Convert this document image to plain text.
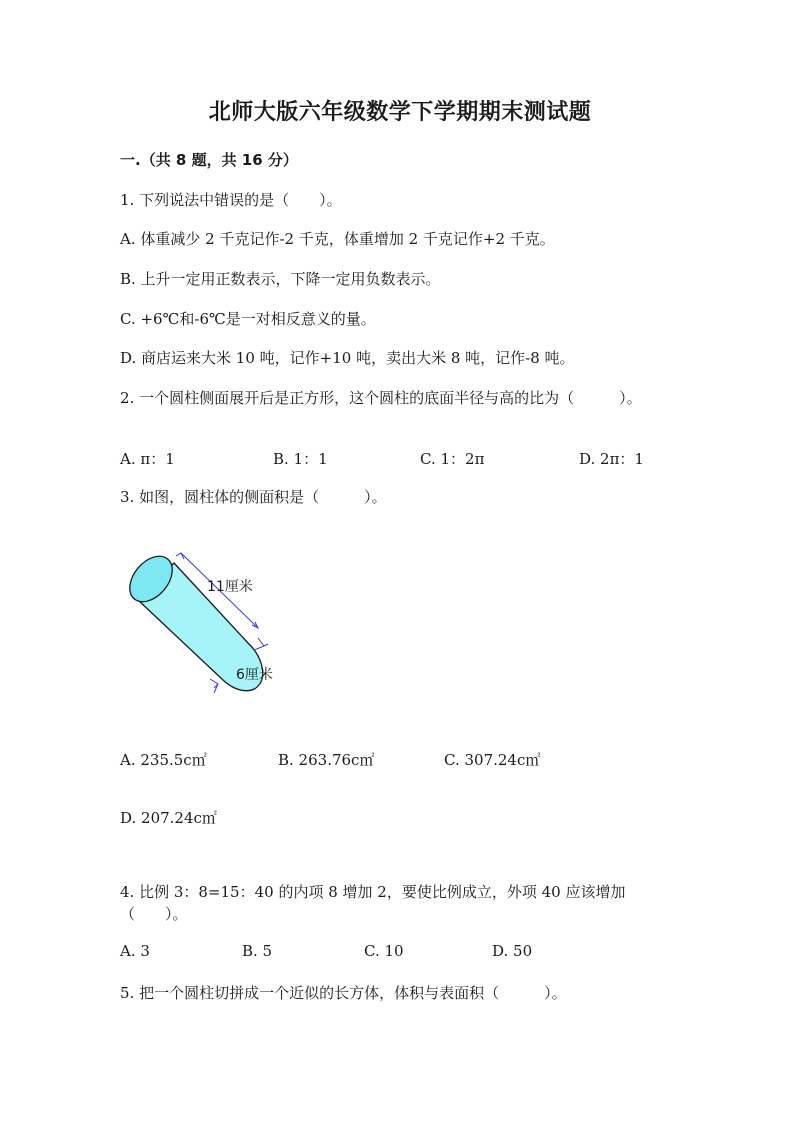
北师大版六年级数学下学期期末测试题
一.（共 8 题，共 16 分）
1. 下列说法中错误的是（　　）。
A. 体重减少 2 千克记作-2 千克，体重增加 2 千克记作+2 千克。
B. 上升一定用正数表示，下降一定用负数表示。
C. +6℃和-6℃是一对相反意义的量。
D. 商店运来大米 10 吨，记作+10 吨，卖出大米 8 吨，记作-8 吨。
2. 一个圆柱侧面展开后是正方形，这个圆柱的底面半径与高的比为（　　　）。
A. π：1	B. 1：1	C. 1：2π	D. 2π：1
3. 如图，圆柱体的侧面积是（　　　）。
11厘米
6厘米
A. 235.5c㎡	B. 263.76c㎡	C. 307.24c㎡
D. 207.24c㎡
4. 比例 3：8=15：40 的内项 8 增加 2，要使比例成立，外项 40 应该增加
（　　）。
A. 3	B. 5	C. 10	D. 50
5. 把一个圆柱切拼成一个近似的长方体，体积与表面积（　　　）。
